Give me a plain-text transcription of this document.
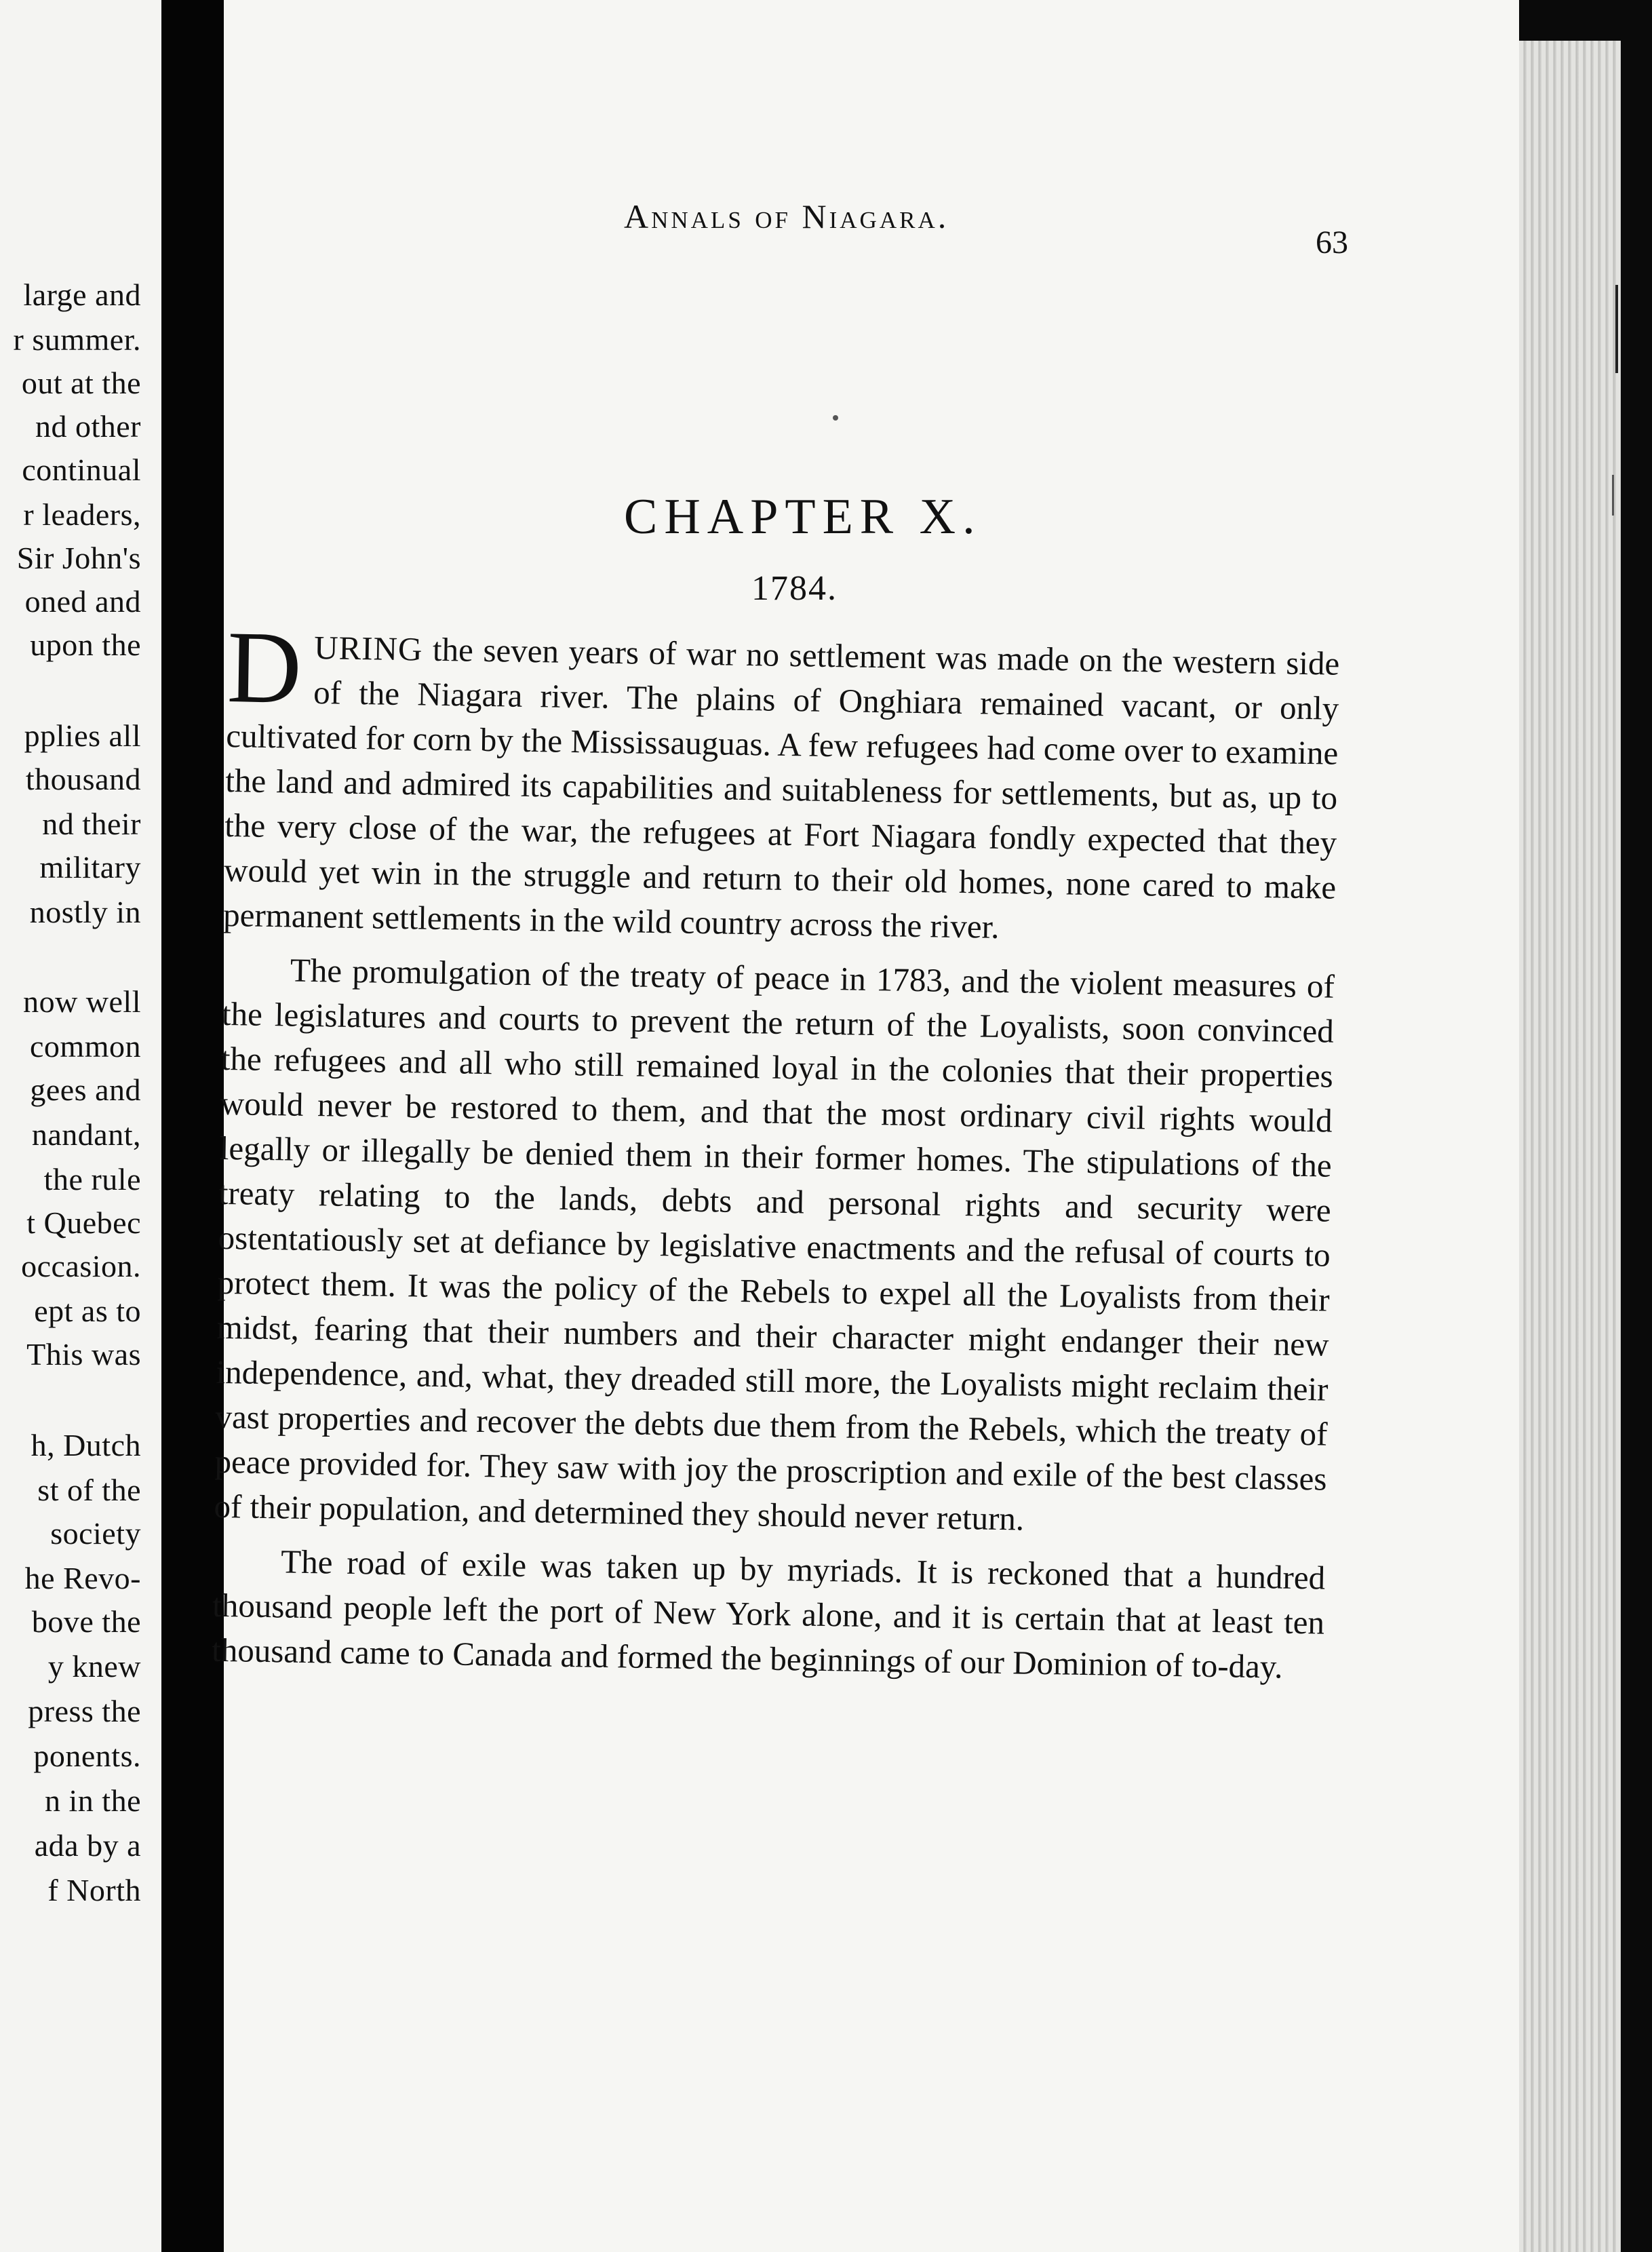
large and
r summer.
out at the
nd other
continual
r leaders,
Sir John's
oned and
upon the
pplies all
thousand
nd their
military
nostly in
now well
common
gees and
nandant,
the rule
t Quebec
occasion.
ept as to
This was
h, Dutch
st of the
society
he Revo-
bove the
y knew
press the
ponents.
n in the
ada by a
f North
Annals of Niagara.
63
CHAPTER X.
1784.

DURING the seven years of war no settlement was made on the western side of the Niagara river. The plains of Onghiara remained vacant, or only cultivated for corn by the Mississauguas. A few refugees had come over to examine the land and admired its capabilities and suitableness for settlements, but as, up to the very close of the war, the refugees at Fort Niagara fondly expected that they would yet win in the struggle and return to their old homes, none cared to make permanent settlements in the wild country across the river.

The promulgation of the treaty of peace in 1783, and the violent measures of the legislatures and courts to prevent the return of the Loyalists, soon convinced the refugees and all who still remained loyal in the colonies that their properties would never be restored to them, and that the most ordinary civil rights would legally or illegally be denied them in their former homes. The stipulations of the treaty relating to the lands, debts and personal rights and security were ostentatiously set at defiance by legislative enactments and the refusal of courts to protect them. It was the policy of the Rebels to expel all the Loyalists from their midst, fearing that their numbers and their character might endanger their new independence, and, what, they dreaded still more, the Loyalists might reclaim their vast properties and recover the debts due them from the Rebels, which the treaty of peace provided for. They saw with joy the proscription and exile of the best classes of their population, and determined they should never return.

The road of exile was taken up by myriads. It is reckoned that a hundred thousand people left the port of New York alone, and it is certain that at least ten thousand came to Canada and formed the beginnings of our Dominion of to-day.
